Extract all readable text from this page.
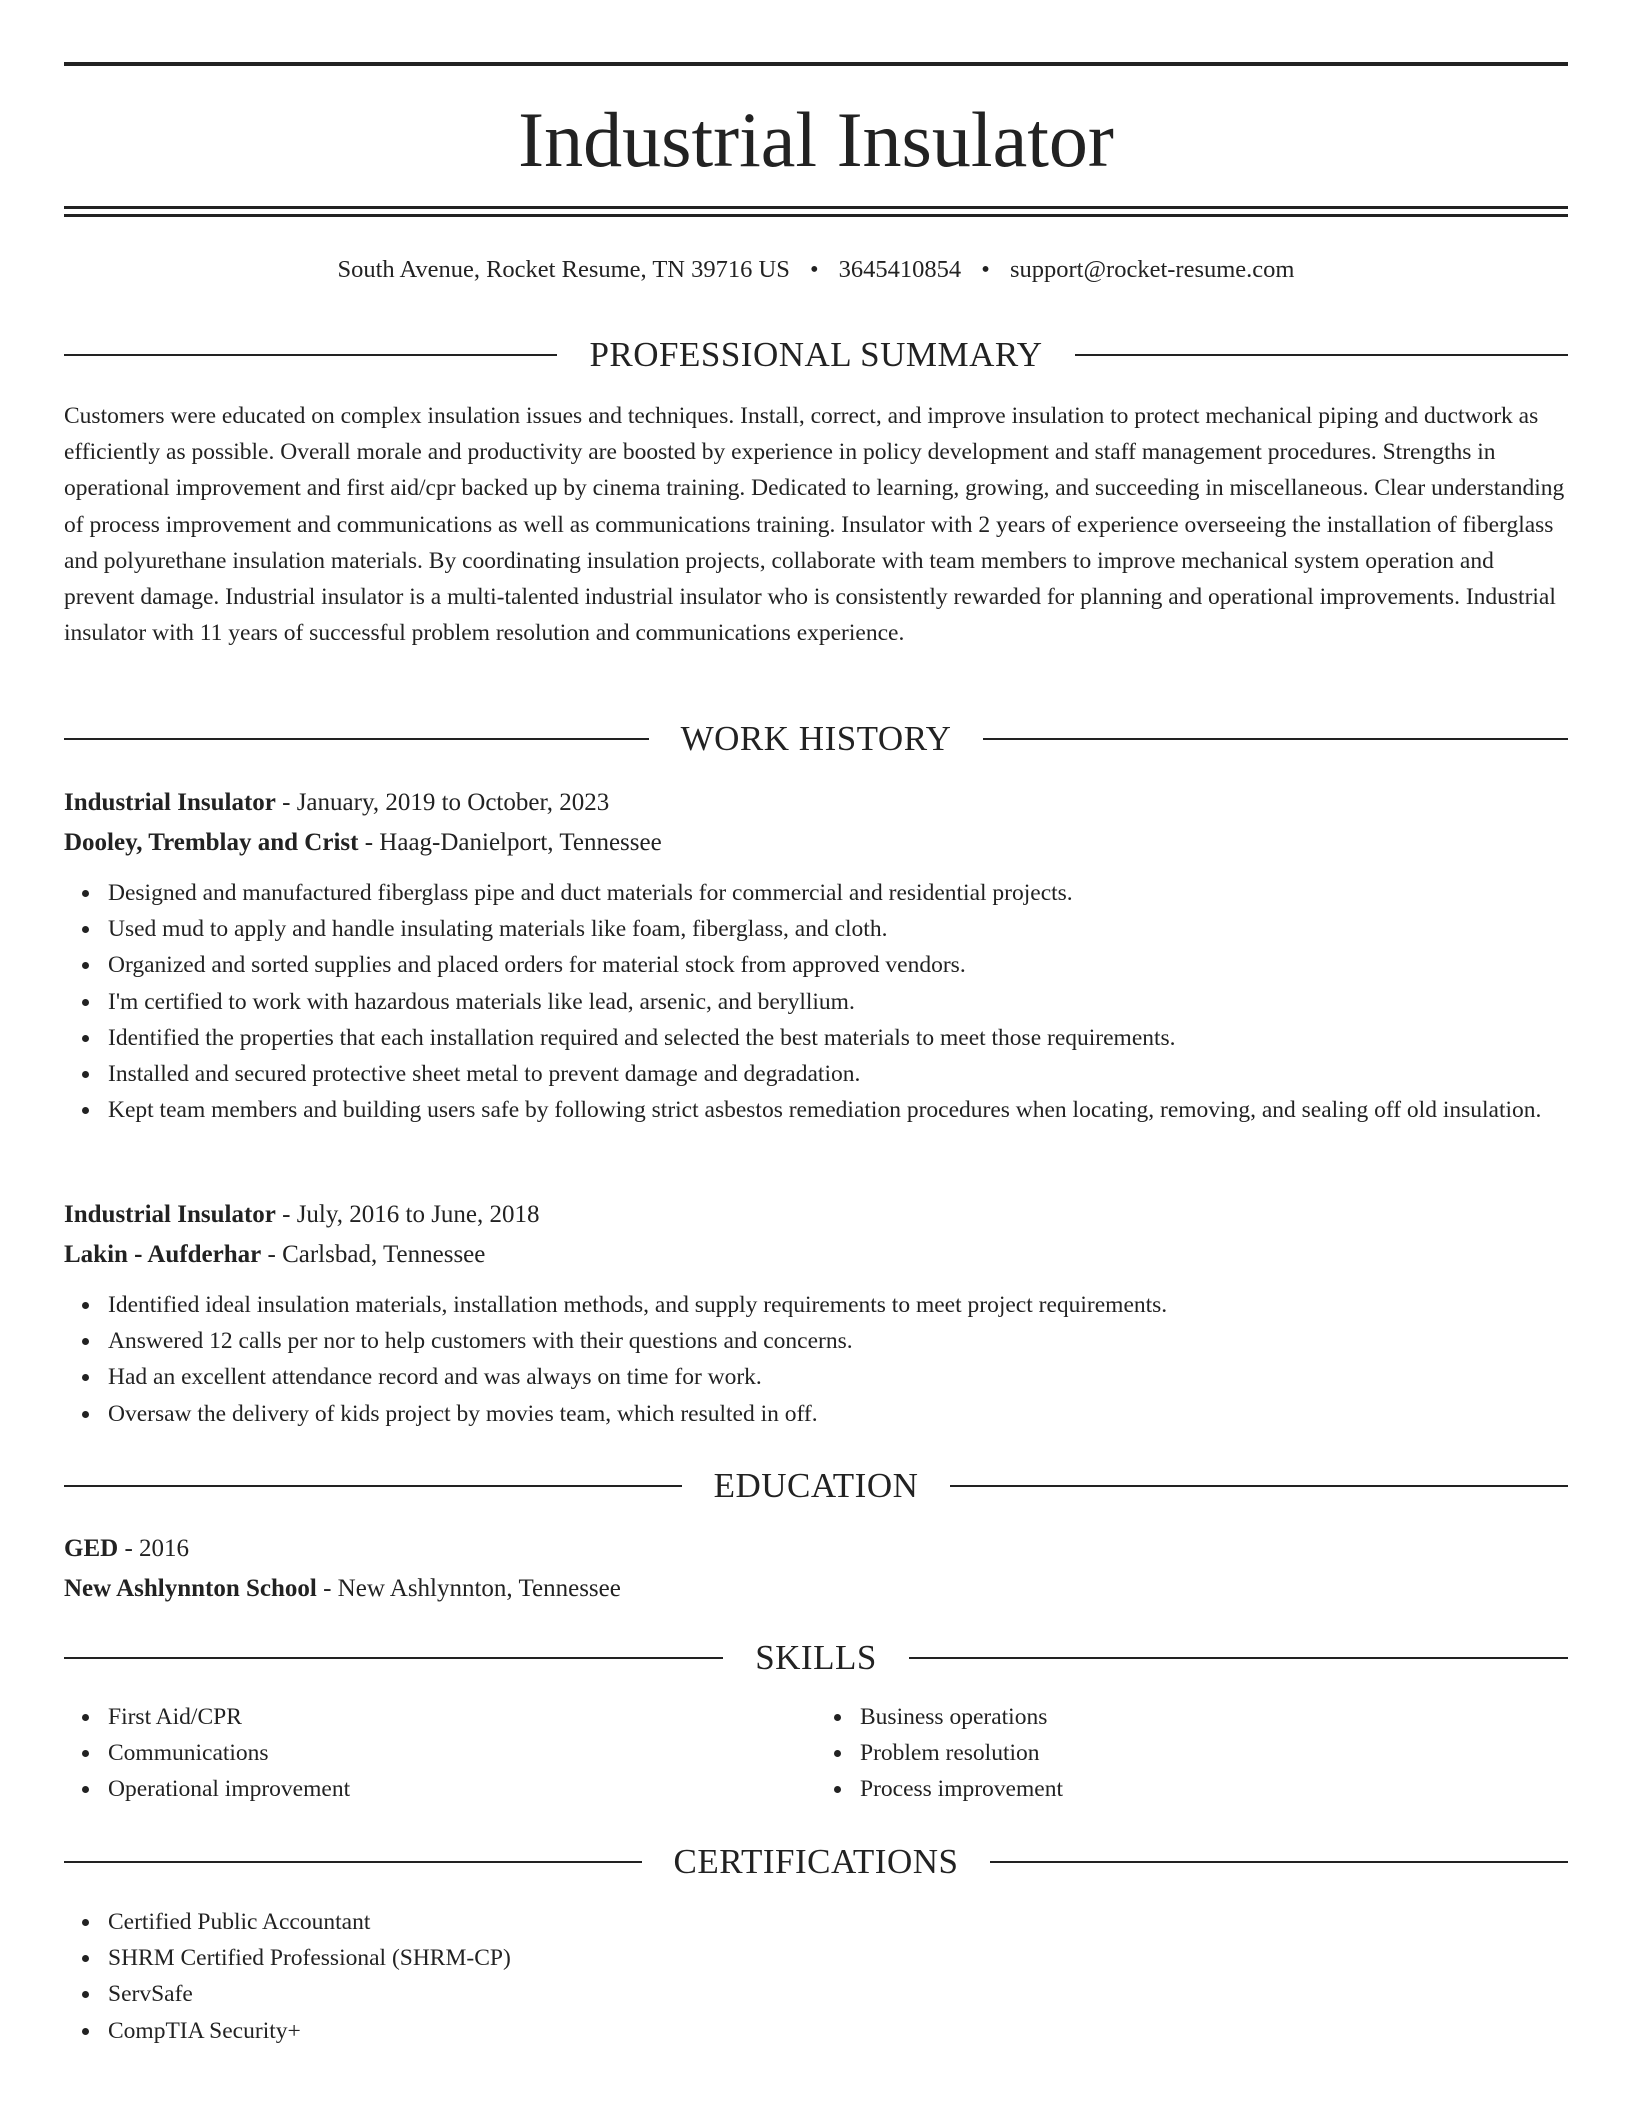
Industrial Insulator
South Avenue, Rocket Resume, TN 39716 US • 3645410854 • support@rocket-resume.com
PROFESSIONAL SUMMARY

Customers were educated on complex insulation issues and techniques. Install, correct, and improve insulation to protect mechanical piping and ductwork as efficiently as possible. Overall morale and productivity are boosted by experience in policy development and staff management procedures. Strengths in operational improvement and first aid/cpr backed up by cinema training. Dedicated to learning, growing, and succeeding in miscellaneous. Clear understanding of process improvement and communications as well as communications training. Insulator with 2 years of experience overseeing the installation of fiberglass and polyurethane insulation materials. By coordinating insulation projects, collaborate with team members to improve mechanical system operation and prevent damage. Industrial insulator is a multi-talented industrial insulator who is consistently rewarded for planning and operational improvements. Industrial insulator with 11 years of successful problem resolution and communications experience.

WORK HISTORY
Industrial Insulator - January, 2019 to October, 2023
Dooley, Tremblay and Crist - Haag-Danielport, Tennessee
Designed and manufactured fiberglass pipe and duct materials for commercial and residential projects.
Used mud to apply and handle insulating materials like foam, fiberglass, and cloth.
Organized and sorted supplies and placed orders for material stock from approved vendors.
I'm certified to work with hazardous materials like lead, arsenic, and beryllium.
Identified the properties that each installation required and selected the best materials to meet those requirements.
Installed and secured protective sheet metal to prevent damage and degradation.
Kept team members and building users safe by following strict asbestos remediation procedures when locating, removing, and sealing off old insulation.
Industrial Insulator - July, 2016 to June, 2018
Lakin - Aufderhar - Carlsbad, Tennessee
Identified ideal insulation materials, installation methods, and supply requirements to meet project requirements.
Answered 12 calls per nor to help customers with their questions and concerns.
Had an excellent attendance record and was always on time for work.
Oversaw the delivery of kids project by movies team, which resulted in off.
EDUCATION
GED - 2016
New Ashlynnton School - New Ashlynnton, Tennessee
SKILLS
First Aid/CPR
Communications
Operational improvement
Business operations
Problem resolution
Process improvement
CERTIFICATIONS
Certified Public Accountant
SHRM Certified Professional (SHRM-CP)
ServSafe
CompTIA Security+
